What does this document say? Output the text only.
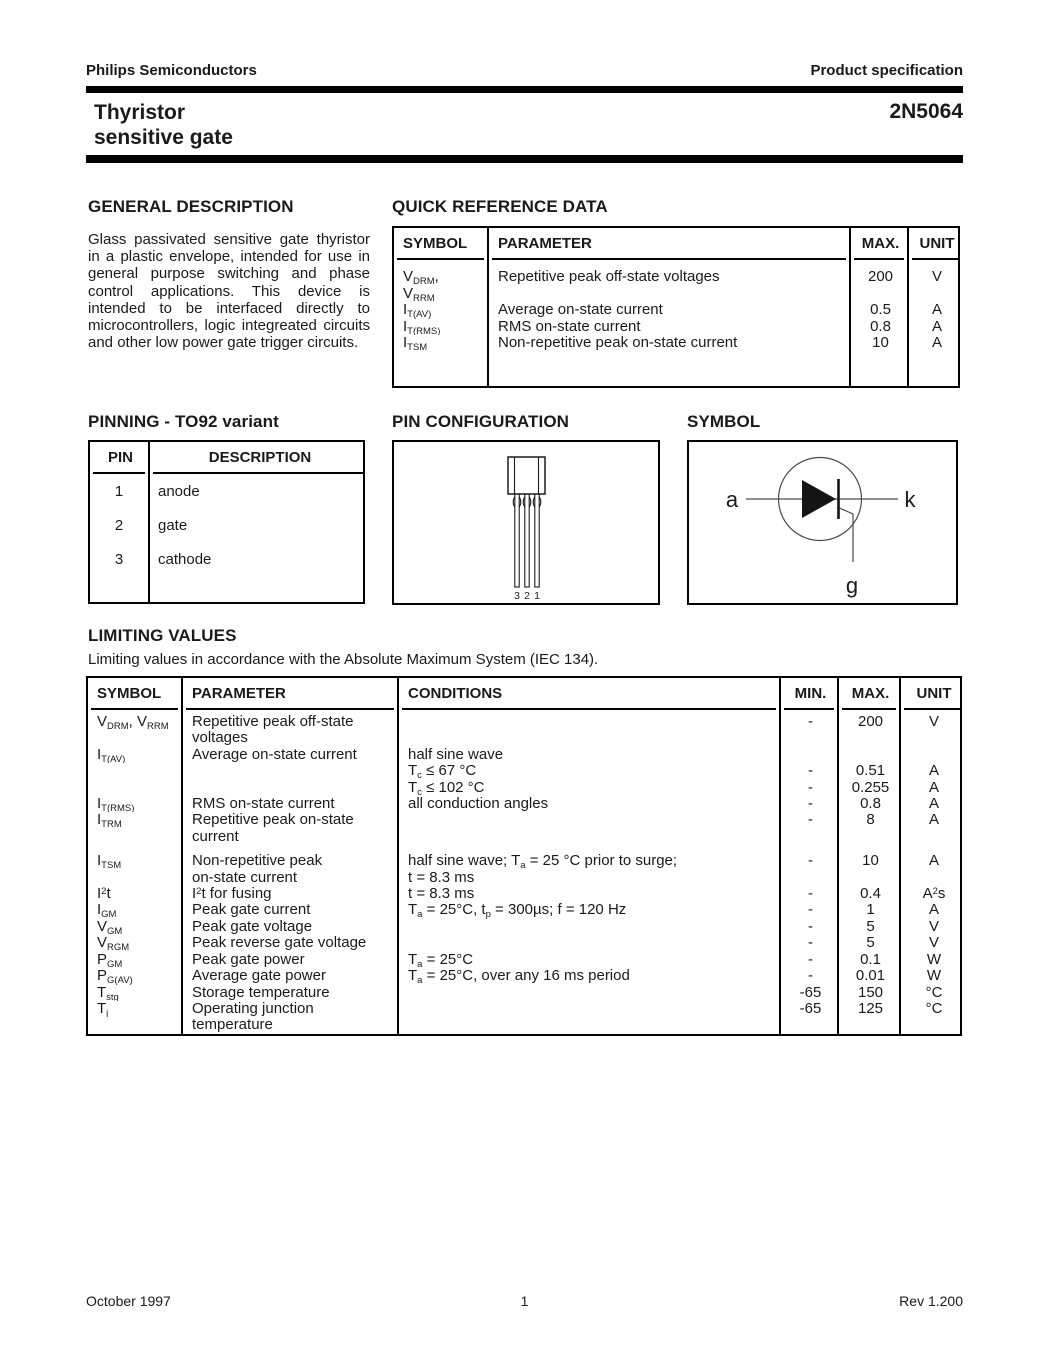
Philips Semiconductors	Product specification
Thyristor
sensitive gate
2N5064
GENERAL DESCRIPTION

Glass passivated sensitive gate thyristor in a plastic envelope, intended for use in general purpose switching and phase control applications. This device is intended to be interfaced directly to microcontrollers, logic integreated circuits and other low power gate trigger circuits.

QUICK REFERENCE DATA
SYMBOL	PARAMETER	MAX.	UNIT
$V_{DRM}$,	Repetitive peak off-state voltages	200	V
$V_{RRM}$			
$I_{T(AV)}$	Average on-state current	0.5	A
$I_{T(RMS)}$	RMS on-state current	0.8	A
$I_{TSM}$	Non-repetitive peak on-state current	10	A

PINNING - TO92 variant
PIN	DESCRIPTION
1	anode
2	gate
3	cathode

PIN CONFIGURATION
3 2 1
SYMBOL
a	k
g
LIMITING VALUES

Limiting values in accordance with the Absolute Maximum System (IEC 134).

SYMBOL	PARAMETER	CONDITIONS	MIN.	MAX.	UNIT
$V_{DRM}$, $V_{RRM}$	Repetitive peak off-state		-	200	V
	voltages				
$I_{T(AV)}$	Average on-state current	half sine wave			
		$T_c \le 67$ °C	-	0.51	A
		$T_c \le 102$ °C	-	0.255	A
$I_{T(RMS)}$	RMS on-state current	all conduction angles	-	0.8	A
$I_{TRM}$	Repetitive peak on-state		-	8	A
	current				
$I_{TSM}$	Non-repetitive peak	half sine wave; $T_a = 25$ °C prior to surge;	-	10	A
	on-state current	t = 8.3 ms			
$I^2t$	$I^2t$ for fusing	t = 8.3 ms	-	0.4	$A^2s$
$I_{GM}$	Peak gate current	$T_a = 25^\circ C$, $t_p = 300\mu s$; f = 120 Hz	-	1	A
$V_{GM}$	Peak gate voltage		-	5	V
$V_{RGM}$	Peak reverse gate voltage		-	5	V
$P_{GM}$	Peak gate power	$T_a = 25^\circ C$	-	0.1	W
$P_{G(AV)}$	Average gate power	$T_a = 25^\circ C$, over any 16 ms period	-	0.01	W
$T_{stg}$	Storage temperature		-65	150	°C
$T_j$	Operating junction		-65	125	°C
	temperature				
October 1997	1	Rev 1.200
